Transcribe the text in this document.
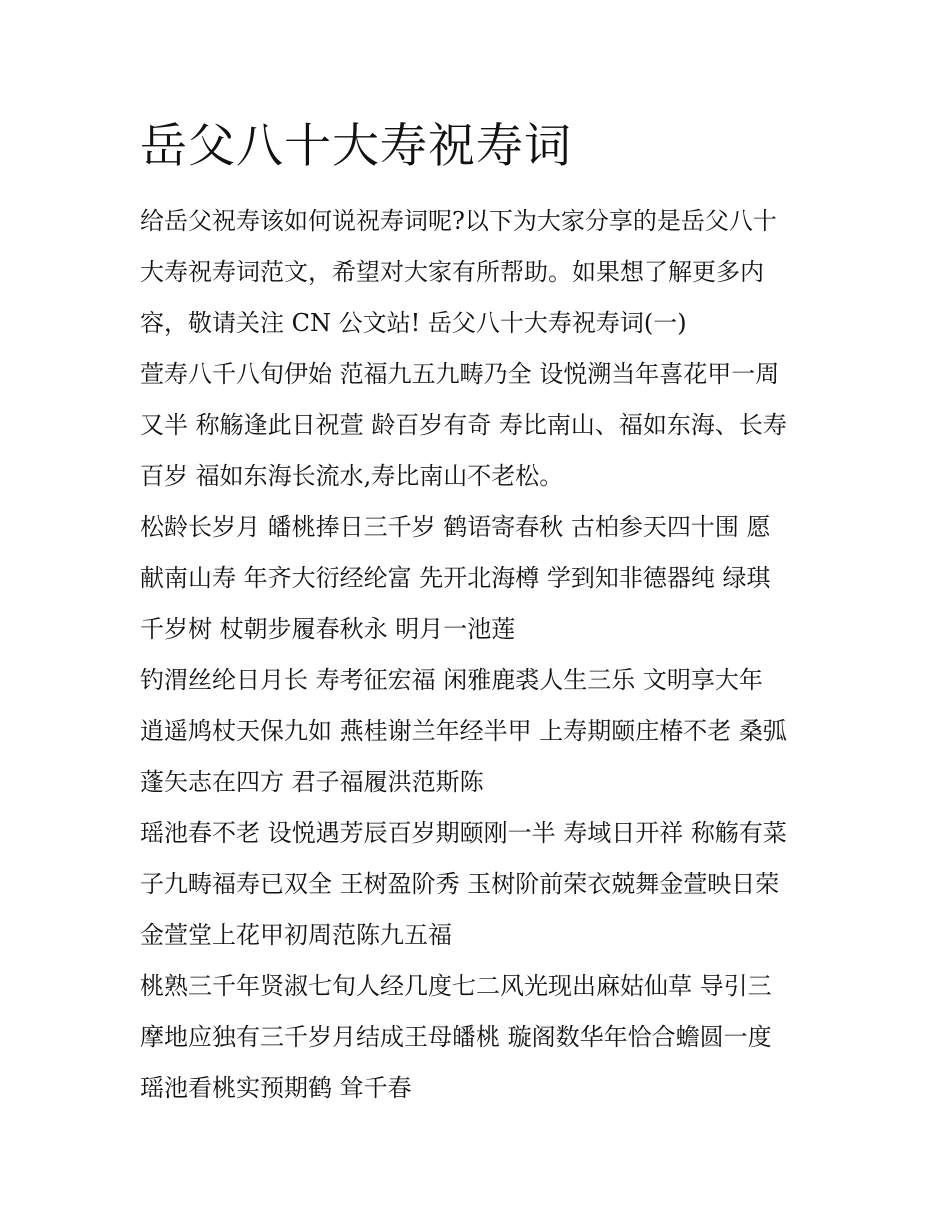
岳父八十大寿祝寿词

给岳父祝寿该如何说祝寿词呢?以下为大家分享的是岳父八十
大寿祝寿词范文，希望对大家有所帮助。如果想了解更多内
容，敬请关注 CN 公文站! 岳父八十大寿祝寿词(一)

萱寿八千八旬伊始 范福九五九畴乃全 设悦溯当年喜花甲一周
又半 称觞逢此日祝萱 龄百岁有奇 寿比南山、福如东海、长寿
百岁 福如东海长流水,寿比南山不老松。

松龄长岁月 皤桃捧日三千岁 鹤语寄春秋 古柏参天四十围 愿
献南山寿 年齐大衍经纶富 先开北海樽 学到知非德器纯 绿琪
千岁树 杖朝步履春秋永 明月一池莲

钓渭丝纶日月长 寿考征宏福 闲雅鹿裘人生三乐 文明享大年
逍遥鸠杖天保九如 燕桂谢兰年经半甲 上寿期颐庄椿不老 桑弧
蓬矢志在四方 君子福履洪范斯陈

瑶池春不老 设悦遇芳辰百岁期颐刚一半 寿域日开祥 称觞有菜
子九畴福寿已双全 王树盈阶秀 玉树阶前荣衣兢舞金萱映日荣
金萱堂上花甲初周范陈九五福

桃熟三千年贤淑七旬人经几度七二风光现出麻姑仙草 导引三
摩地应独有三千岁月结成王母皤桃 璇阁数华年恰合蟾圆一度
瑶池看桃实预期鹤 耸千春
